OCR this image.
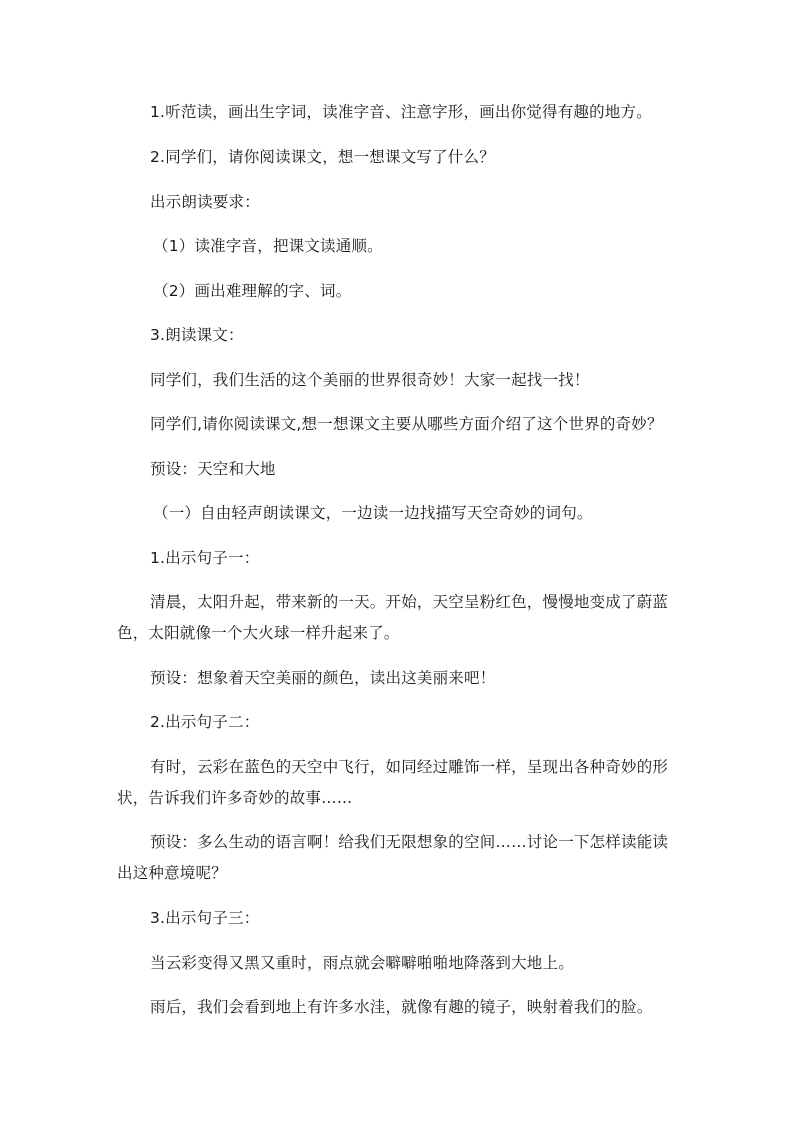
1.听范读，画出生字词，读准字音、注意字形，画出你觉得有趣的地方。
2.同学们，请你阅读课文，想一想课文写了什么？
出示朗读要求：
（1）读准字音，把课文读通顺。
（2）画出难理解的字、词。
3.朗读课文：
同学们，我们生活的这个美丽的世界很奇妙！大家一起找一找！
同学们,请你阅读课文,想一想课文主要从哪些方面介绍了这个世界的奇妙？
预设：天空和大地
（一）自由轻声朗读课文，一边读一边找描写天空奇妙的词句。
1.出示句子一：
清晨，太阳升起，带来新的一天。开始，天空呈粉红色，慢慢地变成了蔚蓝
色，太阳就像一个大火球一样升起来了。
预设：想象着天空美丽的颜色，读出这美丽来吧！
2.出示句子二：
有时，云彩在蓝色的天空中飞行，如同经过雕饰一样，呈现出各种奇妙的形
状，告诉我们许多奇妙的故事……
预设：多么生动的语言啊！给我们无限想象的空间……讨论一下怎样读能读
出这种意境呢？
3.出示句子三：
当云彩变得又黑又重时，雨点就会噼噼啪啪地降落到大地上。
雨后，我们会看到地上有许多水洼，就像有趣的镜子，映射着我们的脸。
